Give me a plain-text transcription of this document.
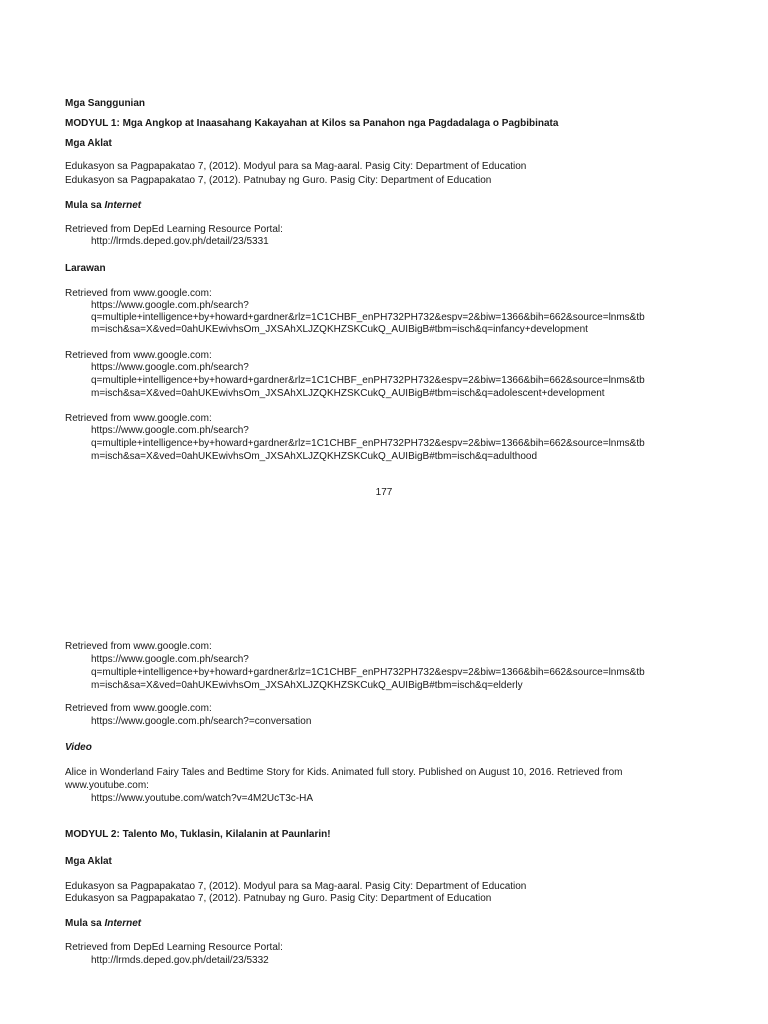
Mga Sanggunian
MODYUL 1: Mga Angkop at Inaasahang Kakayahan at Kilos sa Panahon nga Pagdadalaga o Pagbibinata
Mga Aklat
Edukasyon sa Pagpapakatao 7, (2012). Modyul para sa Mag-aaral. Pasig City: Department of Education
Edukasyon sa Pagpapakatao 7, (2012). Patnubay ng Guro. Pasig City: Department of Education
Mula sa Internet
Retrieved from DepEd Learning Resource Portal:
http://lrmds.deped.gov.ph/detail/23/5331
Larawan
Retrieved from www.google.com:
https://www.google.com.ph/search?
q=multiple+intelligence+by+howard+gardner&rlz=1C1CHBF_enPH732PH732&espv=2&biw=1366&bih=662&source=lnms&tb
m=isch&sa=X&ved=0ahUKEwivhsOm_JXSAhXLJZQKHZSKCukQ_AUIBigB#tbm=isch&q=infancy+development
Retrieved from www.google.com:
https://www.google.com.ph/search?
q=multiple+intelligence+by+howard+gardner&rlz=1C1CHBF_enPH732PH732&espv=2&biw=1366&bih=662&source=lnms&tb
m=isch&sa=X&ved=0ahUKEwivhsOm_JXSAhXLJZQKHZSKCukQ_AUIBigB#tbm=isch&q=adolescent+development
Retrieved from www.google.com:
https://www.google.com.ph/search?
q=multiple+intelligence+by+howard+gardner&rlz=1C1CHBF_enPH732PH732&espv=2&biw=1366&bih=662&source=lnms&tb
m=isch&sa=X&ved=0ahUKEwivhsOm_JXSAhXLJZQKHZSKCukQ_AUIBigB#tbm=isch&q=adulthood
177
Retrieved from www.google.com:
https://www.google.com.ph/search?
q=multiple+intelligence+by+howard+gardner&rlz=1C1CHBF_enPH732PH732&espv=2&biw=1366&bih=662&source=lnms&tb
m=isch&sa=X&ved=0ahUKEwivhsOm_JXSAhXLJZQKHZSKCukQ_AUIBigB#tbm=isch&q=elderly
Retrieved from www.google.com:
https://www.google.com.ph/search?=conversation
Video
Alice in Wonderland Fairy Tales and Bedtime Story for Kids. Animated full story. Published on August 10, 2016. Retrieved from
www.youtube.com:
https://www.youtube.com/watch?v=4M2UcT3c-HA
MODYUL 2: Talento Mo, Tuklasin, Kilalanin at Paunlarin!
Mga Aklat
Edukasyon sa Pagpapakatao 7, (2012). Modyul para sa Mag-aaral. Pasig City: Department of Education
Edukasyon sa Pagpapakatao 7, (2012). Patnubay ng Guro. Pasig City: Department of Education
Mula sa Internet
Retrieved from DepEd Learning Resource Portal:
http://lrmds.deped.gov.ph/detail/23/5332
